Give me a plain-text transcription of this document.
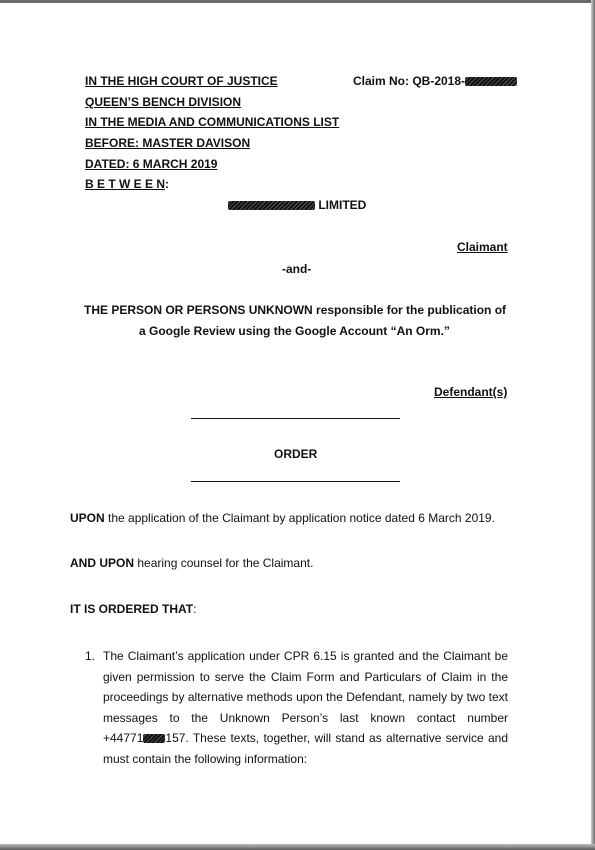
IN THE HIGH COURT OF JUSTICE	Claim No: QB-2018-
QUEEN’S BENCH DIVISION
IN THE MEDIA AND COMMUNICATIONS LIST
BEFORE: MASTER DAVISON
DATED: 6 MARCH 2019
B E T W E E N:
LIMITED
Claimant
-and-
THE PERSON OR PERSONS UNKNOWN responsible for the publication of
a Google Review using the Google Account “An Orm.”
Defendant(s)
ORDER
UPON the application of the Claimant by application notice dated 6 March 2019.
AND UPON hearing counsel for the Claimant.
IT IS ORDERED THAT:
1. The Claimant’s application under CPR 6.15 is granted and the Claimant be
given permission to serve the Claim Form and Particulars of Claim in the
proceedings by alternative methods upon the Defendant, namely by two text
messages to the Unknown Person’s last known contact number
+44771 157. These texts, together, will stand as alternative service and
must contain the following information:
